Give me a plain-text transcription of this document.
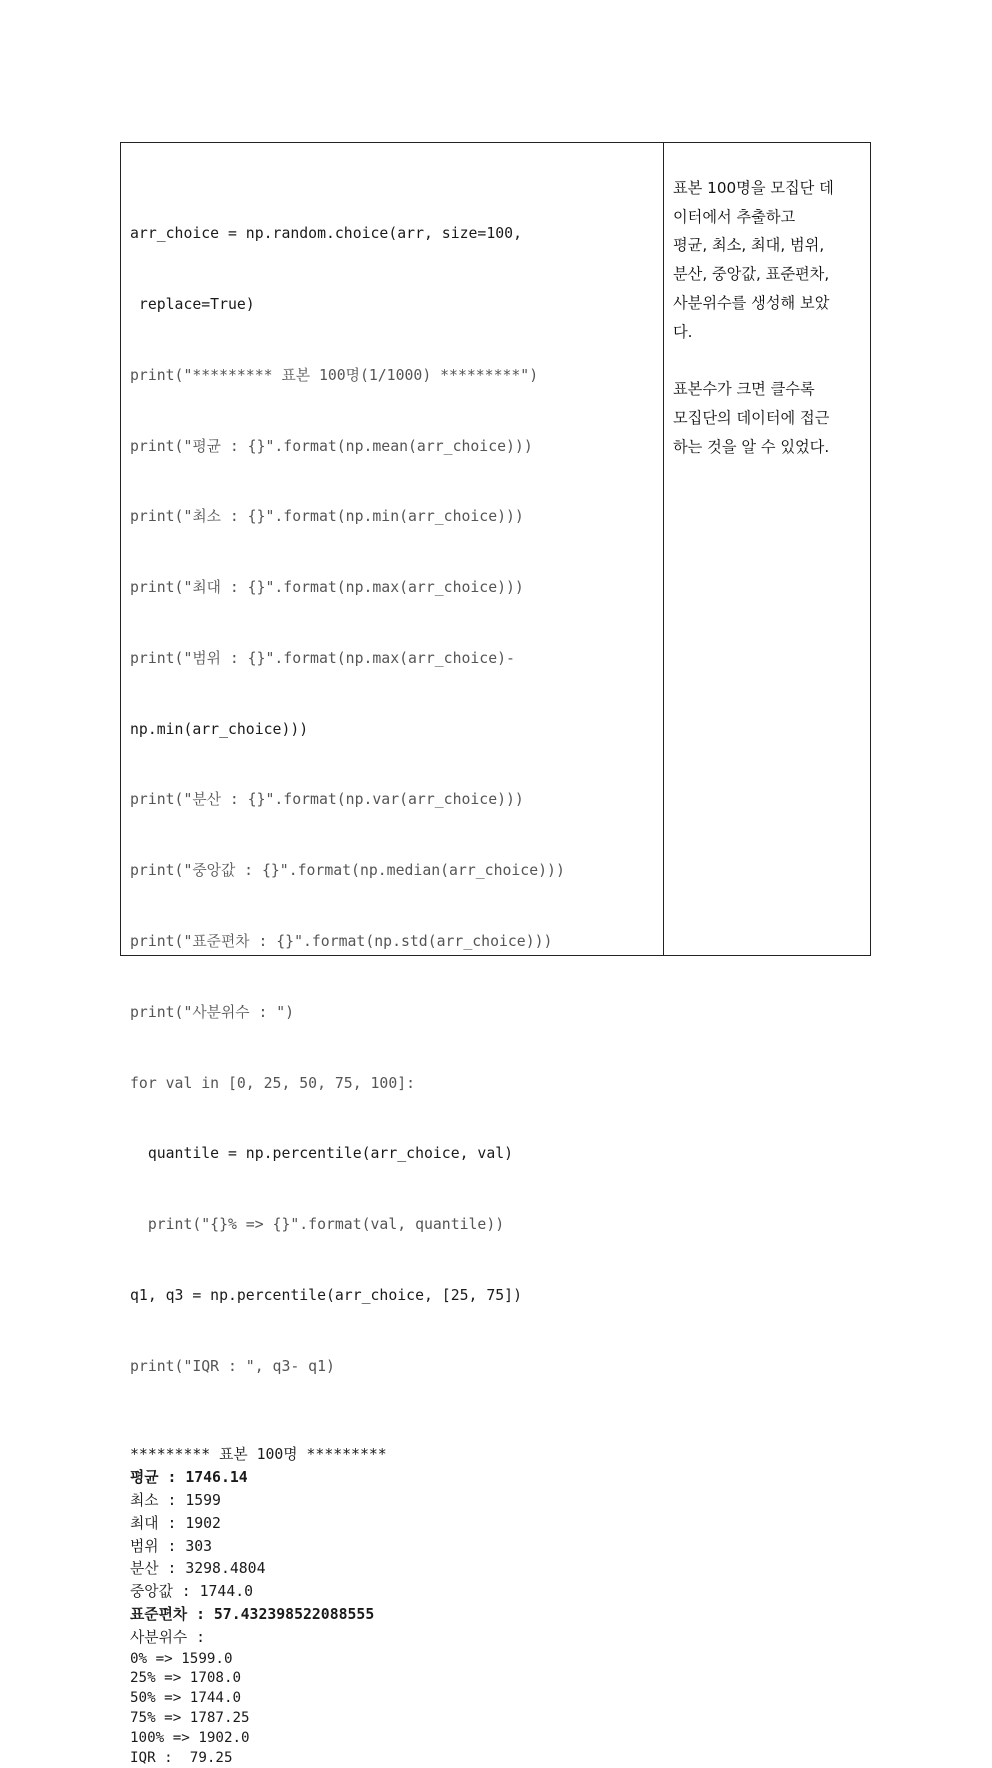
arr_choice = np.random.choice(arr, size=100,

replace=True)

print("********* 표본 100명(1/1000) *********")

print("평균 : {}".format(np.mean(arr_choice)))

print("최소 : {}".format(np.min(arr_choice)))

print("최대 : {}".format(np.max(arr_choice)))

print("범위 : {}".format(np.max(arr_choice)-

np.min(arr_choice)))

print("분산 : {}".format(np.var(arr_choice)))

print("중앙값 : {}".format(np.median(arr_choice)))

print("표준편차 : {}".format(np.std(arr_choice)))

print("사분위수 : ")

for val in [0, 25, 50, 75, 100]:

quantile = np.percentile(arr_choice, val)

print("{}% => {}".format(val, quantile))

q1, q3 = np.percentile(arr_choice, [25, 75])

print("IQR : ", q3- q1)

********* 표본 100명 *********
평균 : 1746.14
최소 : 1599
최대 : 1902
범위 : 303
분산 : 3298.4804
중앙값 : 1744.0
표준편차 : 57.432398522088555
사분위수 :
0% => 1599.0
25% => 1708.0
50% => 1744.0
75% => 1787.25
100% => 1902.0
IQR :  79.25

표본 100명을 모집단 데

이터에서 추출하고

평균, 최소, 최대, 범위,

분산, 중앙값, 표준편차,

사분위수를 생성해 보았

다.

표본수가 크면 클수록

모집단의 데이터에 접근

하는 것을 알 수 있었다.
